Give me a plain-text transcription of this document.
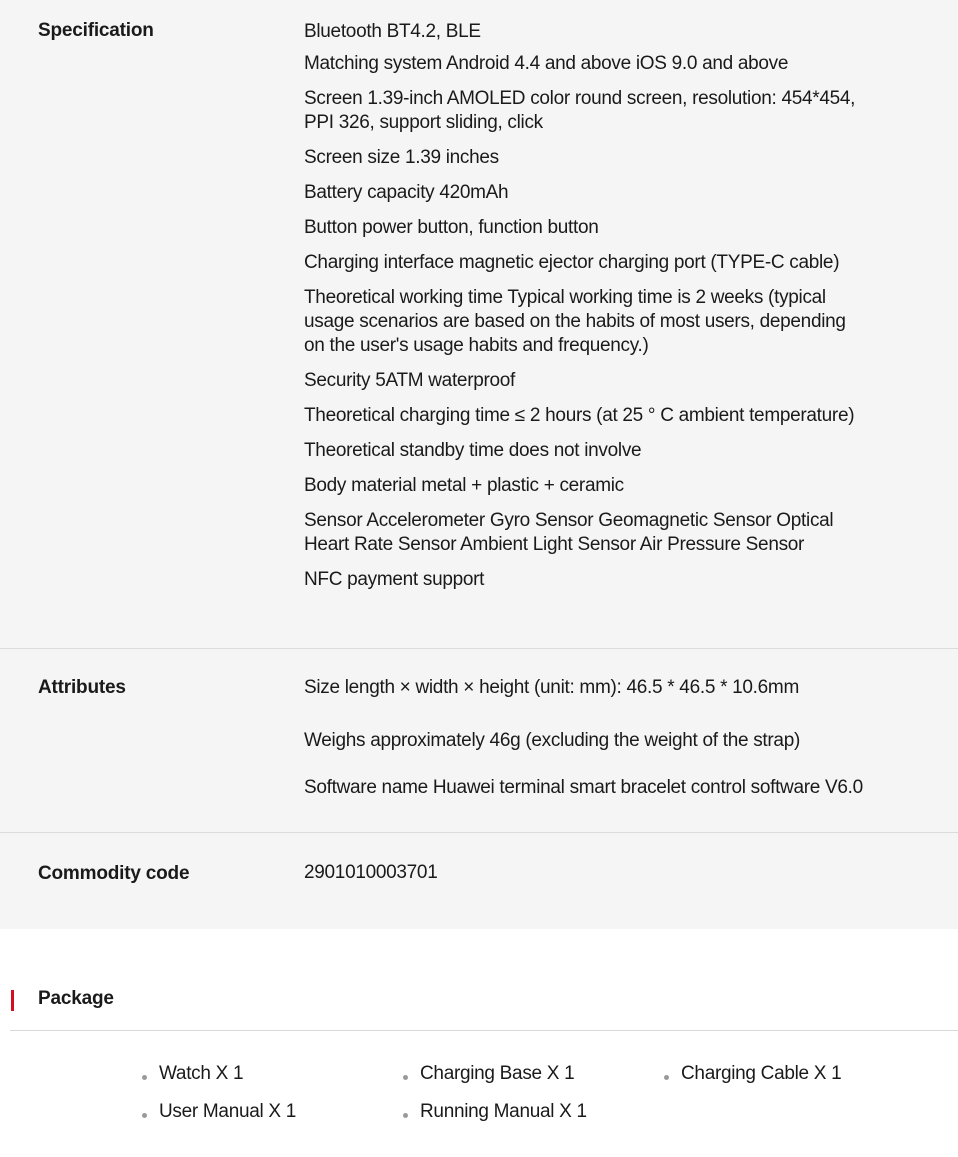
Specification	Bluetooth BT4.2, BLE
Matching system Android 4.4 and above iOS 9.0 and above
Screen 1.39-inch AMOLED color round screen, resolution: 454*454,
PPI 326, support sliding, click
Screen size 1.39 inches
Battery capacity 420mAh
Button power button, function button
Charging interface magnetic ejector charging port (TYPE-C cable)
Theoretical working time Typical working time is 2 weeks (typical
usage scenarios are based on the habits of most users, depending
on the user's usage habits and frequency.)
Security 5ATM waterproof
Theoretical charging time ≤ 2 hours (at 25 ° C ambient temperature)
Theoretical standby time does not involve
Body material metal + plastic + ceramic
Sensor Accelerometer Gyro Sensor Geomagnetic Sensor Optical
Heart Rate Sensor Ambient Light Sensor Air Pressure Sensor
NFC payment support
Attributes	Size length × width × height (unit: mm): 46.5 * 46.5 * 10.6mm
Weighs approximately 46g (excluding the weight of the strap)
Software name Huawei terminal smart bracelet control software V6.0
Commodity code	2901010003701
Package
Watch X 1	Charging Base X 1	Charging Cable X 1
User Manual X 1	Running Manual X 1
